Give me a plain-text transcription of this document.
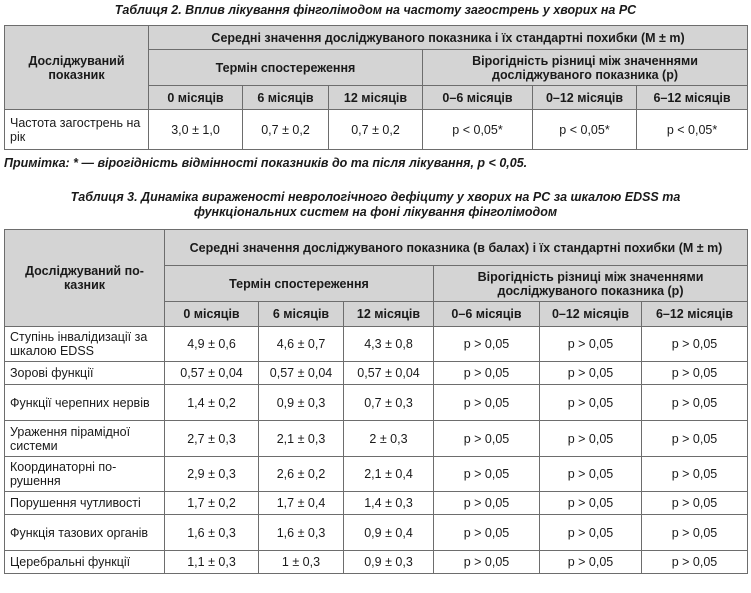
Таблиця 2. Вплив лікування фінголімодом на частоту загострень у хворих на РС
Досліджуваний показник	Середні значення досліджуваного показника і їх стандартні похибки (M ± m)					
	Термін спостереження			Вірогідність різниці між значеннями досліджуваного показника (p)		
	0 місяців	6 місяців	12 місяців	0–6 місяців	0–12 місяців	6–12 місяців
Частота загострень на рік	3,0 ± 1,0	0,7 ± 0,2	0,7 ± 0,2	p < 0,05*	p < 0,05*	p < 0,05*
Примітка: * — вірогідність відмінності показників до та після лікування, р < 0,05.
Таблиця 3. Динаміка вираженості неврологічного дефіциту у хворих на РС за шкалою EDSS та
функціональних систем на фоні лікування фінголімодом
Досліджуваний по-казник	Середні значення досліджуваного показника (в балах) і їх стандартні похибки (M ± m)					
	Термін спостереження			Вірогідність різниці між значеннями досліджуваного показника (p)		
	0 місяців	6 місяців	12 місяців	0–6 місяців	0–12 місяців	6–12 місяців
Ступінь інвалідизації за шкалою EDSS	4,9 ± 0,6	4,6 ± 0,7	4,3 ± 0,8	p > 0,05	p > 0,05	p > 0,05
Зорові функції	0,57 ± 0,04	0,57 ± 0,04	0,57 ± 0,04	p > 0,05	p > 0,05	p > 0,05
Функції черепних нервів	1,4 ± 0,2	0,9 ± 0,3	0,7 ± 0,3	p > 0,05	p > 0,05	p > 0,05
Ураження пірамідної системи	2,7 ± 0,3	2,1 ± 0,3	2 ± 0,3	p > 0,05	p > 0,05	p > 0,05
Координаторні по-рушення	2,9 ± 0,3	2,6 ± 0,2	2,1 ± 0,4	p > 0,05	p > 0,05	p > 0,05
Порушення чутливості	1,7 ± 0,2	1,7 ± 0,4	1,4 ± 0,3	p > 0,05	p > 0,05	p > 0,05
Функція тазових органів	1,6 ± 0,3	1,6 ± 0,3	0,9 ± 0,4	p > 0,05	p > 0,05	p > 0,05
Церебральні функції	1,1 ± 0,3	1 ± 0,3	0,9 ± 0,3	p > 0,05	p > 0,05	p > 0,05
